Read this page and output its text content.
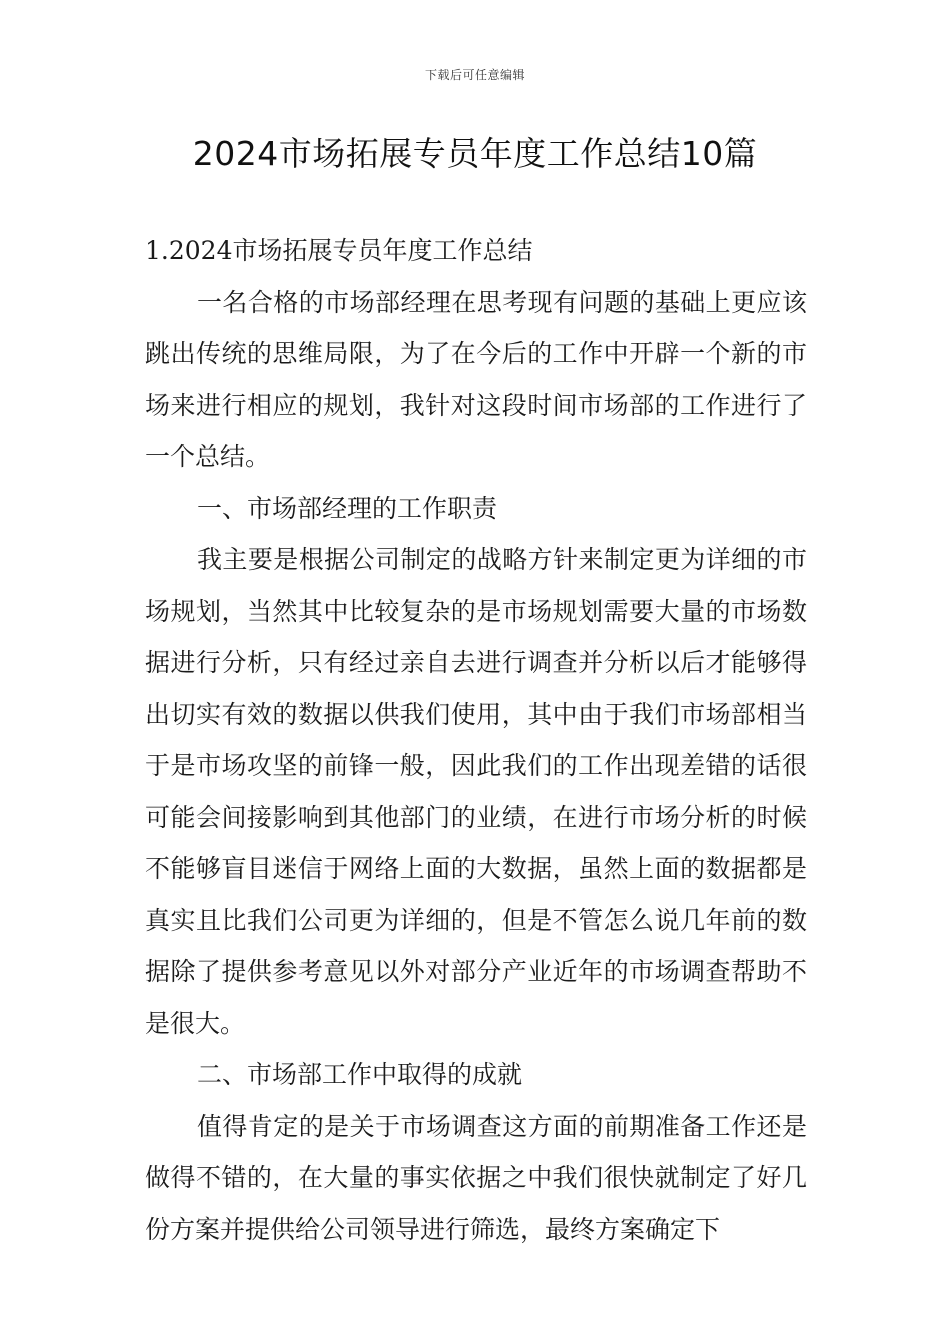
下载后可任意编辑
2024市场拓展专员年度工作总结10篇

1.2024市场拓展专员年度工作总结

一名合格的市场部经理在思考现有问题的基础上更应该跳出传统的思维局限，为了在今后的工作中开辟一个新的市场来进行相应的规划，我针对这段时间市场部的工作进行了一个总结。

一、市场部经理的工作职责

我主要是根据公司制定的战略方针来制定更为详细的市场规划，当然其中比较复杂的是市场规划需要大量的市场数据进行分析，只有经过亲自去进行调查并分析以后才能够得出切实有效的数据以供我们使用，其中由于我们市场部相当于是市场攻坚的前锋一般，因此我们的工作出现差错的话很可能会间接影响到其他部门的业绩，在进行市场分析的时候不能够盲目迷信于网络上面的大数据，虽然上面的数据都是真实且比我们公司更为详细的，但是不管怎么说几年前的数据除了提供参考意见以外对部分产业近年的市场调查帮助不是很大。

二、市场部工作中取得的成就

值得肯定的是关于市场调查这方面的前期准备工作还是做得不错的，在大量的事实依据之中我们很快就制定了好几份方案并提供给公司领导进行筛选，最终方案确定下
